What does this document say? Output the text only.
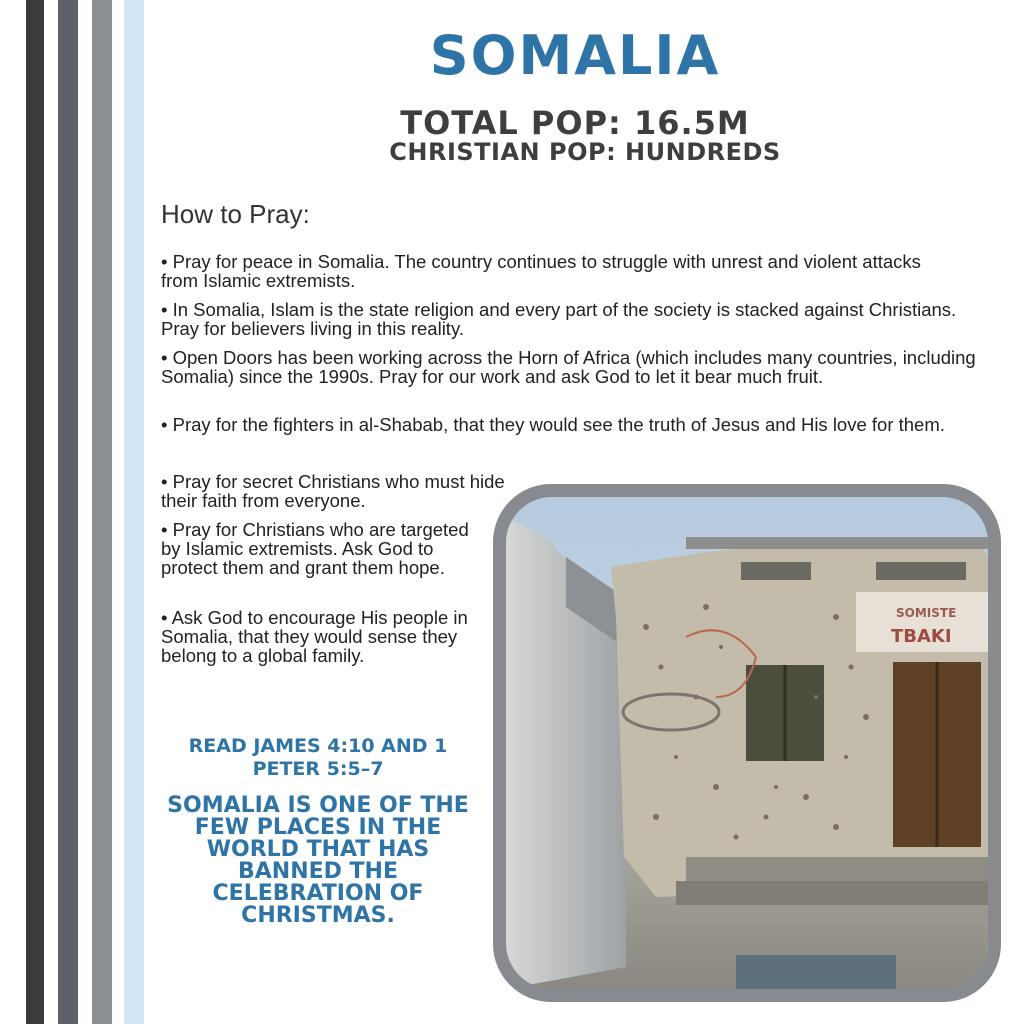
SOMALIA
TOTAL POP: 16.5M
CHRISTIAN POP: HUNDREDS
How to Pray:

• Pray for peace in Somalia. The country continues to struggle with unrest and violent attacks from Islamic extremists.

• In Somalia, Islam is the state religion and every part of the society is stacked against Christians. Pray for believers living in this reality.

• Open Doors has been working across the Horn of Africa (which includes many countries, including Somalia) since the 1990s. Pray for our work and ask God to let it bear much fruit.

• Pray for the fighters in al-Shabab, that they would see the truth of Jesus and His love for them.

• Pray for secret Christians who must hide their faith from everyone.

• Pray for Christians who are targeted by Islamic extremists. Ask God to protect them and grant them hope.

• Ask God to encourage His people in Somalia, that they would sense they belong to a global family.

READ JAMES 4:10 AND 1 PETER 5:5–7
SOMALIA IS ONE OF THE FEW PLACES IN THE WORLD THAT HAS BANNED THE CELEBRATION OF CHRISTMAS.
SOMISTE
TBAKI
